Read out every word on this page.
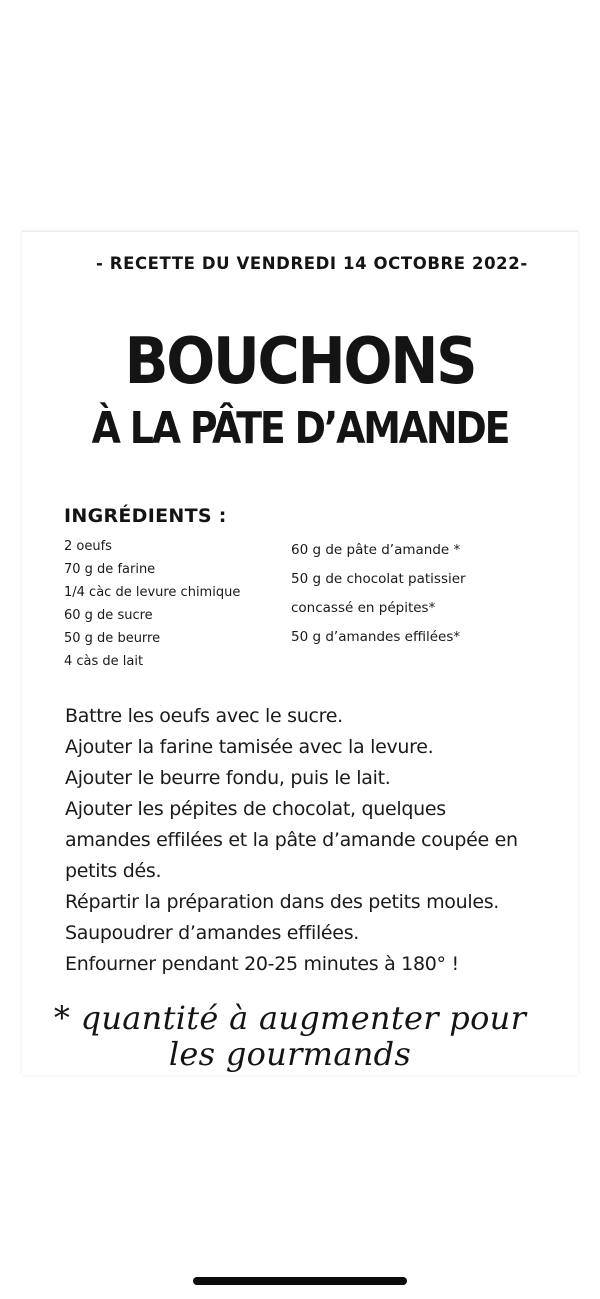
- RECETTE DU VENDREDI 14 OCTOBRE 2022-
BOUCHONS
À LA PÂTE D’AMANDE
INGRÉDIENTS :
2 oeufs
70 g de farine
1/4 càc de levure chimique
60 g de sucre
50 g de beurre
4 càs de lait
60 g de pâte d’amande *
50 g de chocolat patissier
concassé en pépites*
50 g d’amandes effilées*
Battre les oeufs avec le sucre.
Ajouter la farine tamisée avec la levure.
Ajouter le beurre fondu, puis le lait.
Ajouter les pépites de chocolat, quelques
amandes effilées et la pâte d’amande coupée en
petits dés.
Répartir la préparation dans des petits moules.
Saupoudrer d’amandes effilées.
Enfourner pendant 20-25 minutes à 180° !
* quantité à augmenter pour
les gourmands
